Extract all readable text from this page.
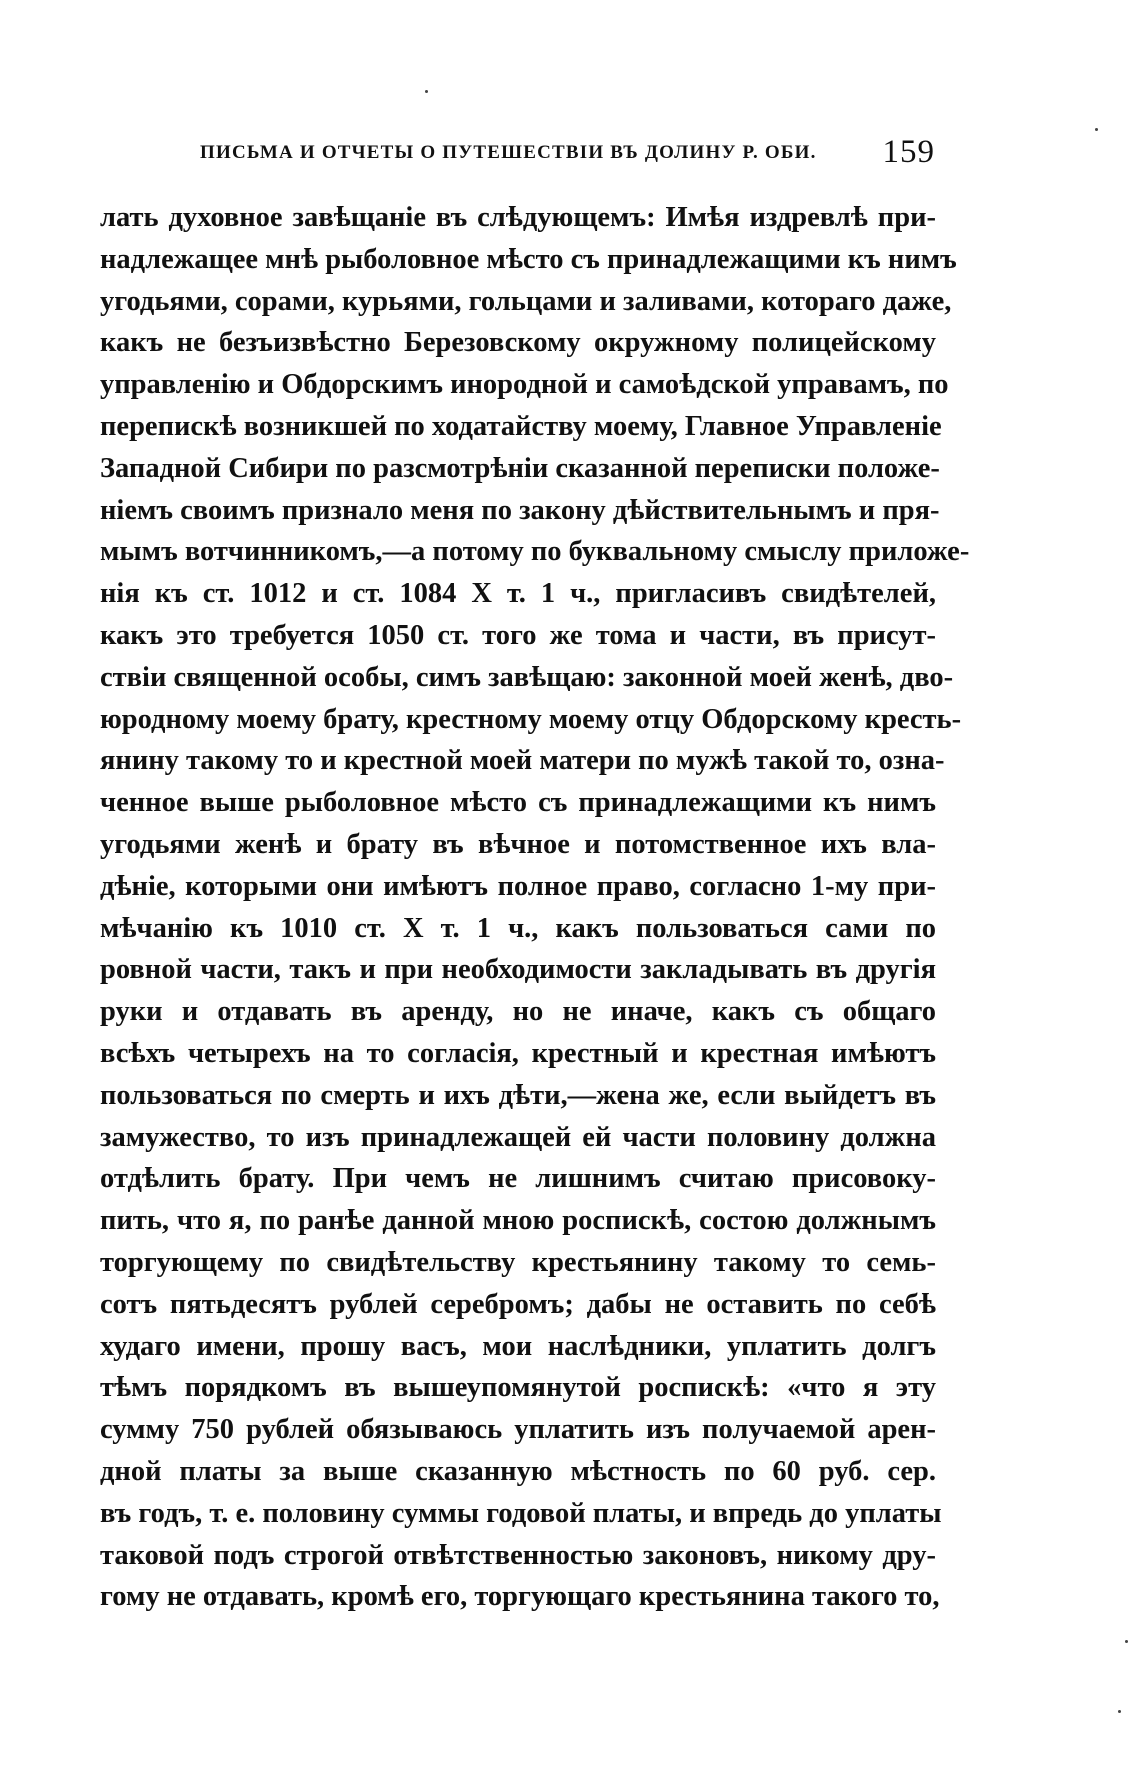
ПИСЬМА И ОТЧЕТЫ О ПУТЕШЕСТВІИ ВЪ ДОЛИНУ Р. ОБИ. 159
лать духовное завѣщаніе въ слѣдующемъ: Имѣя издревлѣ при-
надлежащее мнѣ рыболовное мѣсто съ принадлежащими къ нимъ
угодьями, сорами, курьями, гольцами и заливами, котораго даже,
какъ не безъизвѣстно Березовскому окружному полицейскому
управленію и Обдорскимъ инородной и самоѣдской управамъ, по
перепискѣ возникшей по ходатайству моему, Главное Управленіе
Западной Сибири по разсмотрѣніи сказанной переписки положе-
ніемъ своимъ признало меня по закону дѣйствительнымъ и пря-
мымъ вотчинникомъ,—а потому по буквальному смыслу приложе-
нія къ ст. 1012 и ст. 1084 X т. 1 ч., пригласивъ свидѣтелей,
какъ это требуется 1050 ст. того же тома и части, въ присут-
ствіи священной особы, симъ завѣщаю: законной моей женѣ, дво-
юродному моему брату, крестному моему отцу Обдорскому кресть-
янину такому то и крестной моей матери по мужѣ такой то, озна-
ченное выше рыболовное мѣсто съ принадлежащими къ нимъ
угодьями женѣ и брату въ вѣчное и потомственное ихъ вла-
дѣніе, которыми они имѣютъ полное право, согласно 1-му при-
мѣчанію къ 1010 ст. X т. 1 ч., какъ пользоваться сами по
ровной части, такъ и при необходимости закладывать въ другія
руки и отдавать въ аренду, но не иначе, какъ съ общаго
всѣхъ четырехъ на то согласія, крестный и крестная имѣютъ
пользоваться по смерть и ихъ дѣти,—жена же, если выйдетъ въ
замужество, то изъ принадлежащей ей части половину должна
отдѣлить брату. При чемъ не лишнимъ считаю присовоку-
пить, что я, по ранѣе данной мною роспискѣ, состою должнымъ
торгующему по свидѣтельству крестьянину такому то семь-
сотъ пятьдесятъ рублей серебромъ; дабы не оставить по себѣ
худаго имени, прошу васъ, мои наслѣдники, уплатить долгъ
тѣмъ порядкомъ въ вышеупомянутой роспискѣ: «что я эту
сумму 750 рублей обязываюсь уплатить изъ получаемой арен-
дной платы за выше сказанную мѣстность по 60 руб. сер.
въ годъ, т. е. половину суммы годовой платы, и впредь до уплаты
таковой подъ строгой отвѣтственностью законовъ, никому дру-
гому не отдавать, кромѣ его, торгующаго крестьянина такого то,
